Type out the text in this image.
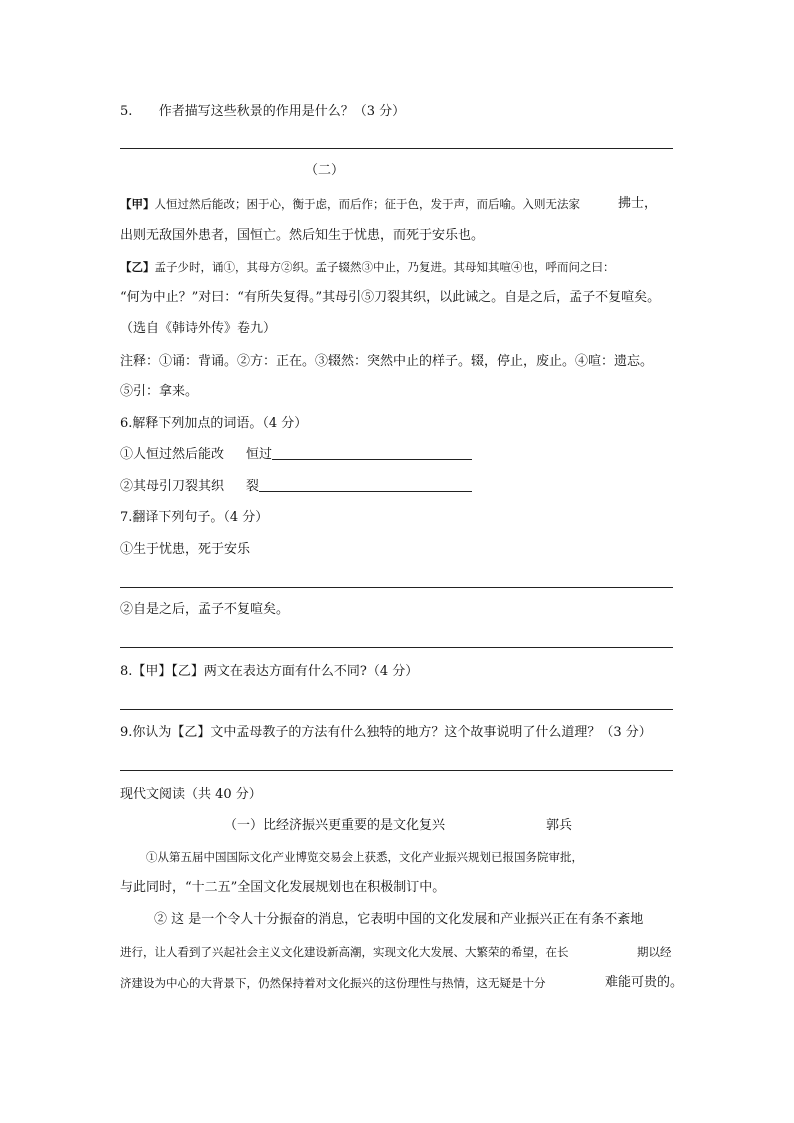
5. 作者描写这些秋景的作用是什么？（3 分）
（二）
【甲】人恒过然后能改；困于心，衡于虑，而后作；征于色，发于声，而后喻。入则无法家	拂士，
出则无敌国外患者，国恒亡。然后知生于忧患，而死于安乐也。
【乙】孟子少时，诵①，其母方②织。孟子辍然③中止，乃复进。其母知其喧④也，呼而问之曰：
“何为中止？”对曰：“有所失复得。”其母引⑤刀裂其织，以此诫之。自是之后，孟子不复喧矣。
（选自《韩诗外传》卷九）
注释：①诵：背诵。②方：正在。③辍然：突然中止的样子。辍，停止，废止。④喧：遗忘。
⑤引：拿来。
6.解释下列加点的词语。（4 分）
①人恒过然后能改 恒过
②其母引刀裂其织 裂
7.翻译下列句子。（4 分）
①生于忧患，死于安乐
②自是之后，孟子不复喧矣。
8.【甲】【乙】两文在表达方面有什么不同?（4 分）
9.你认为【乙】文中孟母教子的方法有什么独特的地方？这个故事说明了什么道理？（3 分）
现代文阅读（共 40 分）
（一）比经济振兴更重要的是文化复兴	郭兵
①从第五届中国国际文化产业博览交易会上获悉，文化产业振兴规划已报国务院审批，
与此同时，“十二五”全国文化发展规划也在积极制订中。
② 这 是一个令人十分振奋的消息，它表明中国的文化发展和产业振兴正在有条不紊地
进行，让人看到了兴起社会主义文化建设新高潮，实现文化大发展、大繁荣的希望，在长	期以经
济建设为中心的大背景下，仍然保持着对文化振兴的这份理性与热情，这无疑是十分	难能可贵的。
